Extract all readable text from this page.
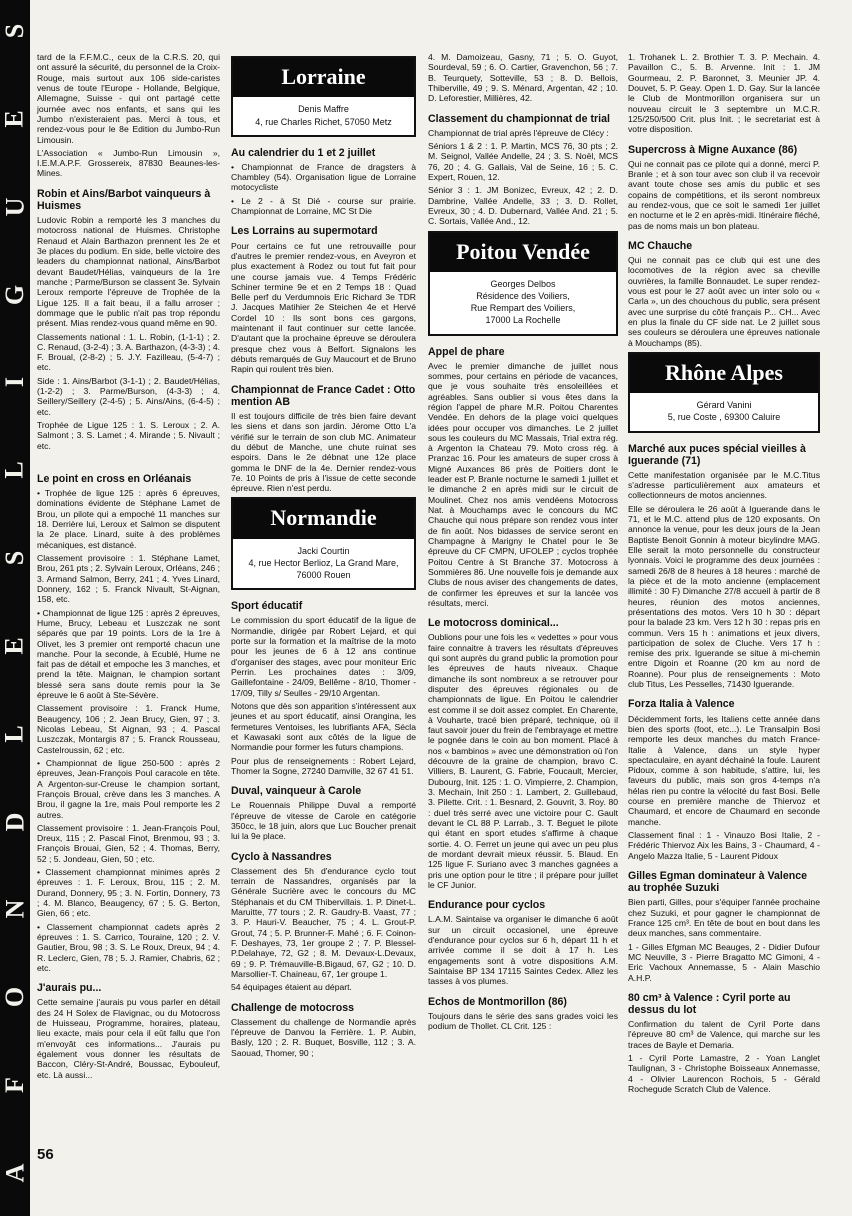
S
E
U
G
I
L
S
E
L
D
N
O
F
A

tard de la F.F.M.C., ceux de la C.R.S. 20, qui ont assuré la sécurité, du personnel de la Croix-Rouge, mais surtout aux 106 side-caristes venus de toute l'Europe - Hollande, Belgique, Allemagne, Suisse - qui ont partagé cette journée avec nos enfants, et sans qui les Jumbo n'existeraient pas. Merci à tous, et rendez-vous pour le 8e Edition du Jumbo-Run Limousin.

L'Association « Jumbo-Run Limousin », I.E.M.A.P.F. Grossereix, 87830 Beaunes-les-Mines.

Robin et Ains/Barbot vainqueurs à Huismes

Ludovic Robin a remporté les 3 manches du motocross national de Huismes. Christophe Renaud et Alain Barthazon prennent les 2e et 3e places du podium. En side, belle victoire des leaders du championnat national, Ains/Barbot devant Baudet/Hélias, vainqueurs de la 1re manche ; Parme/Burson se classent 3e. Sylvain Leroux remporte l'épreuve de Trophée de la Ligue 125. Il a fait beau, il a fallu arroser ; dommage que le public n'ait pas trop répondu présent. Mias rendez-vous quand même en 90.

Classements national : 1. L. Robin, (1-1-1) ; 2. C. Renaud, (3-2-4) ; 3. A. Barthazon, (4-3-3) ; 4. F. Broual, (2-8-2) ; 5. J.Y. Fazilleau, (5-4-7) ; etc.

Side : 1. Ains/Barbot (3-1-1) ; 2. Baudet/Hélias, (1-2-2) ; 3. Parme/Burson, (4-3-3) ; 4. Seillery/Seillery (2-4-5) ; 5. Ains/Ains, (6-4-5) ; etc.

Trophée de Ligue 125 : 1. S. Leroux ; 2. A. Salmont ; 3. S. Lamet ; 4. Mirande ; 5. Nivault ; etc.

Le point en cross en Orléanais

• Trophée de ligue 125 : après 6 épreuves, dominations évidente de Stéphane Lamet de Brou, un pilote qui a empoché 11 manches sur 18. Derrière lui, Leroux et Salmon se disputent la 2e place. Linard, suite à des problèmes mécaniques, est distancé.

Classement provisoire : 1. Stéphane Lamet, Brou, 261 pts ; 2. Sylvain Leroux, Orléans, 246 ; 3. Armand Salmon, Berry, 241 ; 4. Yves Linard, Donnery, 162 ; 5. Franck Nivault, St-Aignan, 158, etc.

• Championnat de ligue 125 : après 2 épreuves, Hume, Brucy, Lebeau et Luszczak ne sont séparés que par 19 points. Lors de la 1re à Olivet, les 3 premier ont remporté chacun une manche. Pour la seconde, à Ecublé, Hume ne fait pas de détail et empoche les 3 manches, et prend la tête. Maignan, le champion sortant blessé sera sans doute remis pour la 3e épreuve le 6 août à Ste-Sévère.

Classement provisoire : 1. Franck Hume, Beaugency, 106 ; 2. Jean Brucy, Gien, 97 ; 3. Nicolas Lebeau, St Aignan, 93 ; 4. Pascal Luszczak, Montargis 87 ; 5. Franck Rousseau, Castelroussin, 62 ; etc.

• Championnat de ligue 250-500 : après 2 épreuves, Jean-François Poul caracole en tête. A Argenton-sur-Creuse le champion sortant, François Broual, crève dans les 3 manches. A Brou, il gagne la 1re, mais Poul remporte les 2 autres.

Classement provisoire : 1. Jean-François Poul, Dreux, 115 ; 2. Pascal Finot, Brenmou, 93 ; 3. François Brouai, Gien, 52 ; 4. Thomas, Berry, 52 ; 5. Jondeau, Gien, 50 ; etc.

• Classement championnat minimes après 2 épreuves : 1. F. Leroux, Brou, 115 ; 2. M. Durand, Donnery, 95 ; 3. N. Fortin, Donnery, 73 ; 4. M. Blanco, Beaugency, 67 ; 5. G. Berton, Gien, 66 ; etc.

• Classement championnat cadets après 2 épreuves : 1. S. Carrico, Touraine, 120 ; 2. V. Gautier, Brou, 98 ; 3. S. Le Roux, Dreux, 94 ; 4. R. Leclerc, Gien, 78 ; 5. J. Ramier, Chabris, 62 ; etc.

J'aurais pu...

Cette semaine j'aurais pu vous parler en détail des 24 H Solex de Flavignac, ou du Motocross de Huisseau, Programme, horaires, plateau, lieu exacte, mais pour cela il eût fallu que l'on m'envoyât ces informations... J'aurais pu également vous donner les résultats de Baccon, Cléry-St-André, Boussac, Eybouleuf, etc. Là aussi...

Lorraine
Denis Maffre
4, rue Charles Richet, 57050 Metz
Au calendrier du 1 et 2 juillet

• Championnat de France de dragsters à Chambley (54). Organisation ligue de Lorraine motocycliste

• Le 2 - à St Dié - course sur prairie. Championnat de Lorraine, MC St Die

Les Lorrains au supermotard

Pour certains ce fut une retrouvaille pour d'autres le premier rendez-vous, en Aveyron et plus exactement à Rodez ou tout fut fait pour une course jamais vue. 4 Temps Frédéric Schiner termine 9e et en 2 Temps 18 : Quad Belle perf du Verdumnois Eric Richard 3e TDR J. Jacques Matihier 2e Steichen 4e et Hervé Cordel 10 : Ils sont bons ces gargons, maintenant il faut continuer sur cette lancée. D'autant que la prochaine épreuve se déroulera presque chez vous à Belfort. Signalons les débuts remarqués de Guy Maucourt et de Bruno Rapin qui roulent très bien.

Championnat de France Cadet : Otto mention AB

Il est toujours difficile de très bien faire devant les siens et dans son jardin. Jérome Otto L'a vérifié sur le terrain de son club MC. Animateur du début de Manche, une chute ruinat ses espoirs. Dans le 2e débnat une 12e place gomma le DNF de la 4e. Dernier rendez-vous 7e. 10 Points de pris à l'issue de cette seconde épreuve. Rien n'est perdu.

Normandie
Jacki Courtin
4, rue Hector Berlioz, La Grand Mare,
76000 Rouen
Sport éducatif

Le commission du sport éducatif de la ligue de Normandie, dirigée par Robert Lejard, et qui porte sur la formation et la maîtrise de la moto pour les jeunes de 6 à 12 ans continue d'organiser des stages, avec pour moniteur Eric Perrin. Les prochaines dates : 3/09, Gaillefontaine - 24/09, Bellême - 8/10, Thomer - 17/09, Tilly s/ Seulles - 29/10 Argentan.

Notons que dès son apparition s'intéressent aux jeunes et au sport éducatif, ainsi Orangina, les fermetures Ventoises, les lubrifiants AFA, Sécla et Kawasaki sont aux côtés de la ligue de Normandie pour former les futurs champions.

Pour plus de renseignements : Robert Lejard, Thomer la Sogne, 27240 Damville, 32 67 41 51.

Duval, vainqueur à Carole

Le Rouennais Philippe Duval a remporté l'épreuve de vitesse de Carole en catégorie 350cc, le 18 juin, alors que Luc Boucher prenait lui la 9e place.

Cyclo à Nassandres

Classement des 5h d'endurance cyclo tout terrain de Nassandres, organisés par la Générale Sucrière avec le concours du MC Stéphanais et du CM Thibervillais. 1. P. Dinet-L. Maruitte, 77 tours ; 2. R. Gaudry-B. Vaast, 77 ; 3. P. Hauri-V. Beaucher, 75 ; 4. L. Grout-P. Grout, 74 ; 5. P. Brunner-F. Mahé ; 6. F. Coinon-F. Deshayes, 73, 1er groupe 2 ; 7. P. Blessel-P.Delahaye, 72, G2 ; 8. M. Devaux-L.Devaux, 69 ; 9. P. Trémauville-B.Bigaud, 67, G2 ; 10. D. Marsollier-T. Chaineau, 67, 1er groupe 1.

54 équipages étaient au départ.

Challenge de motocross

Classement du challenge de Normandie après l'épreuve de Danvou la Ferrière. 1. P. Aubin, Basly, 120 ; 2. R. Buquet, Bosville, 112 ; 3. A. Saouad, Thomer, 90 ;

4. M. Damoizeau, Gasny, 71 ; 5. O. Guyot, Sourdeval, 59 ; 6. O. Cartier, Gravenchon, 56 ; 7. B. Teurquety, Sotteville, 53 ; 8. D. Bellois, Thiberville, 49 ; 9. S. Ménard, Argentan, 42 ; 10. D. Leforestier, Millières, 42.

Classement du championnat de trial

Championnat de trial après l'épreuve de Clécy :

Séniors 1 & 2 : 1. P. Martin, MCS 76, 30 pts ; 2. M. Seignol, Vallée Andelle, 24 ; 3. S. Noël, MCS 76, 20 ; 4. G. Gallais, Val de Seine, 16 ; 5. C. Expert, Rouen, 12.

Sénior 3 : 1. JM Bonizec, Evreux, 42 ; 2. D. Dambrine, Vallée Andelle, 33 ; 3. D. Rollet, Evreux, 30 ; 4. D. Dubernard, Vallée And. 21 ; 5. C. Sortais, Vallée And., 12.

Poitou Vendée
Georges Delbos
Résidence des Voiliers,
Rue Rempart des Voiliers,
17000 La Rochelle
Appel de phare

Avec le premier dimanche de juillet nous sommes, pour certains en période de vacances, que je vous souhaite très ensoleillées et agréables. Sans oublier si vous êtes dans la région l'appel de phare M.R. Poitou Charentes Vendée. En dehors de la plage voici quelques idées pour occuper vos dimanches. Le 2 juillet sous les couleurs du MC Massais, Trial extra rég. à Argenton la Chateau 79. Moto cross rég. à Pranzac 16. Pour les amateurs de super cross à Migné Auxances 86 près de Poitiers dont le leader est P. Branle nocturne le samedi 1 juillet et le dimanche 2 en après midi sur le circuit de Moulinet. Chez nos amis vendéens Motocross Nat. à Mouchamps avec le concours du MC Chauche qui nous prépare son rendez vous inter de fin août. Nos bidasses de service seront en Champagne à Marigny le Chatel pour le 3e épreuve du CF CMPN, UFOLEP ; cyclos trophée Poitou Centre à St Branche 37. Motocross à Sommières 86. Une nouvelle fois je demande aux Clubs de nous aviser des changements de dates, de confirmer les épreuves et sur la lancée vos résultats, merci.

Le motocross dominical...

Oublions pour une fois les « vedettes » pour vous faire connaitre à travers les résultats d'épreuves qui sont auprès du grand public la promotion pour les épreuves de hauts niveaux. Chaque dimanche ils sont nombreux a se retrouver pour disputer des épreuves régionales ou de championnats de ligue. En Poitou le calendrier est comme il se doit assez complet. En Charente, à Vouharte, tracé bien préparé, technique, où il faut savoir jouer du frein de l'embrayage et mettre le pognée dans le coin au bon moment. Placé à nos « bambinos » avec une démonstration où l'on découvre de la graine de champion, bravo C. Villiers, B. Laurent, G. Fabrie, Foucault, Mercier, Dubourg, Init. 125 : 1. O. Vimpierre, 2. Champion, 3. Mechain, Init 250 : 1. Lambert, 2. Guillebaud, 3. Pilette. Crit. : 1. Besnard, 2. Gouvrit, 3. Roy. 80 : duel très serré avec une victoire pour C. Gault devant le CL 88 P. Larrab., 3. T. Beguet le pilote qui étant en sport etudes s'affirme à chaque sortie. 4. O. Ferret un jeune qui avec un peu plus de mordant devrait mieux réussir. 5. Blaud. En 125 ligue F. Suriano avec 3 manches gagnées a pris une option pour le titre ; il prépare pour juillet le CF Junior.

Endurance pour cyclos

L.A.M. Saintaise va organiser le dimanche 6 août sur un circuit occasionel, une épreuve d'endurance pour cyclos sur 6 h, départ 11 h et arrivée comme il se doit à 17 h. Les engagements sont à votre dispositions A.M. Saintaise BP 134 17115 Saintes Cedex. Allez les tasses à vos plumes.

Echos de Montmorillon (86)

Toujours dans le série des sans grades voici les podium de Thollet. CL Crit. 125 :

1. Trohanek L. 2. Brothier T. 3. P. Mechain. 4. Pavaillon C., 5. B. Arvenne. Init : 1. JM Gourmeau, 2. P. Baronnet, 3. Meunier JP. 4. Douvet, 5. P. Geay. Open 1. D. Gay. Sur la lancée le Club de Montmorillon organisera sur un nouveau circuit le 3 septembre un M.C.R. 125/250/500 Crit. plus Init. ; le secretariat est à votre disposition.

Supercross à Migne Auxance (86)

Qui ne connait pas ce pilote qui a donné, merci P. Branle ; et à son tour avec son club il va recevoir avant toute chose ses amis du public et ses copains de compétitions, et ils seront nombreux au rendez-vous, que ce soit le samedi 1er juillet en nocturne et le 2 en après-midi. Itinéraire fléché, pas de noms mais un bon plateau.

MC Chauche

Qui ne connait pas ce club qui est une des locomotives de la région avec sa cheville ouvrières, la famille Bonnaudet. Le super rendez-vous est pour le 27 août avec un inter solo ou « Carla », un des chouchous du public, sera présent avec une surprise du côté français P... CH... Avec en plus la finale du CF side nat. Le 2 juillet sous ses couleurs se déroulera une épreuves nationale à Mouchamps (85).

Rhône Alpes
Gérard Vanini
5, rue Coste , 69300 Caluire
Marché aux puces spécial vieilles à Iguerande (71)

Cette manifestation organisée par le M.C.Titus s'adresse particulièrement aux amateurs et collectionneurs de motos anciennes.

Elle se déroulera le 26 août à Iguerande dans le 71, et le M.C. attend plus de 120 exposants. On annonce la venue, pour les deux jours de la Jean Baptiste Benoit Gonnin à moteur bicylindre MAG. Elle serait la moto personnelle du constructeur lyonnais. Voici le programme des deux journées : samedi 26/8 de 8 heures à 18 heures : marché de la pièce et de la moto ancienne (emplacement illimité : 30 F) Dimanche 27/8 accueil à partir de 8 heures, réunion des motos anciennes, présentations des motos. Vers 10 h 30 : départ pour la balade 23 km. Vers 12 h 30 : repas pris en commun. Vers 15 h : animations et jeux divers, participation de solex de Cluche. Vers 17 h : remise des prix. Iguerande se situe à mi-chemin entre Digoin et Roanne (20 km au nord de Roanne). Pour plus de renseignements : Moto club Titus, Les Pesselles, 71430 Iguerande.

Forza Italia à Valence

Décidemment forts, les Italiens cette année dans bien des sports (foot, etc...). Le Transalpin Bosi remporte les deux manches du match France-Italie à Valence, dans un style hyper spectaculaire, en ayant déchainé la foule. Laurent Pidoux, comme à son habitude, s'attire, lui, les faveurs du public, mais son gros 4-temps n'a hélas rien pu contre la vélocité du fast Bosi. Belle course en première manche de Thiervoz et Chaumard, et encore de Chaumard en seconde manche.

Classement final : 1 - Vinauzo Bosi Italie, 2 - Frédéric Thiervoz Aix les Bains, 3 - Chaumard, 4 - Angelo Mazza Italie, 5 - Laurent Pidoux

Gilles Egman dominateur à Valence au trophée Suzuki

Bien parti, Gilles, pour s'équiper l'année prochaine chez Suzuki, et pour gagner le championnat de France 125 cm³. En tête de bout en bout dans les deux manches, sans commentaire.

1 - Gilles Efgman MC Beauges, 2 - Didier Dufour MC Neuville, 3 - Pierre Bragatto MC Gimoni, 4 - Eric Vachoux Annemasse, 5 - Alain Maschio A.H.P.

80 cm³ à Valence : Cyril porte au dessus du lot

Confirmation du talent de Cyril Porte dans l'épreuve 80 cm³ de Valence, qui marche sur les traces de Bayle et Demaria.

1 - Cyril Porte Lamastre, 2 - Yoan Langlet Taulignan, 3 - Christophe Boisseaux Annemasse, 4 - Olivier Laurencon Rochois, 5 - Gérald Rochegude Scratch Club de Valence.

56
